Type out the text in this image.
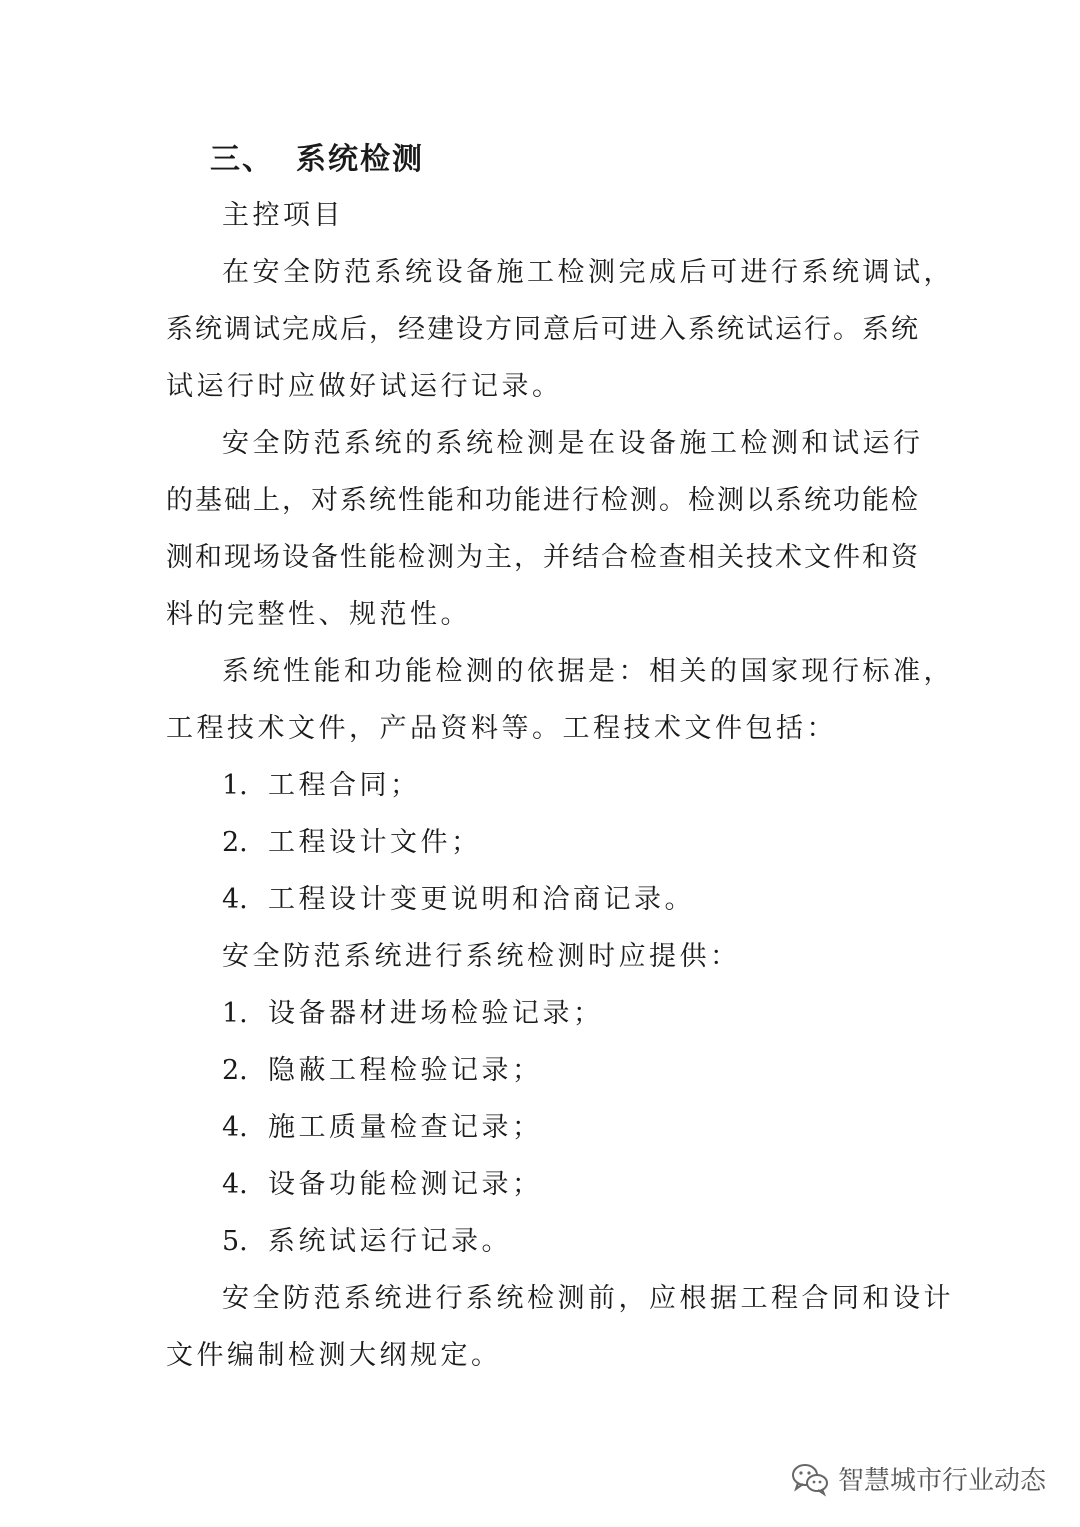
三、 系统检测
主控项目
在安全防范系统设备施工检测完成后可进行系统调试，
系统调试完成后，经建设方同意后可进入系统试运行。系统
试运行时应做好试运行记录。
安全防范系统的系统检测是在设备施工检测和试运行
的基础上，对系统性能和功能进行检测。检测以系统功能检
测和现场设备性能检测为主，并结合检查相关技术文件和资
料的完整性、规范性。
系统性能和功能检测的依据是：相关的国家现行标准，
工程技术文件，产品资料等。工程技术文件包括：
1. 工程合同；
2. 工程设计文件；
4. 工程设计变更说明和洽商记录。
安全防范系统进行系统检测时应提供：
1. 设备器材进场检验记录；
2. 隐蔽工程检验记录；
4. 施工质量检查记录；
4. 设备功能检测记录；
5. 系统试运行记录。
安全防范系统进行系统检测前，应根据工程合同和设计
文件编制检测大纲规定。
智慧城市行业动态
